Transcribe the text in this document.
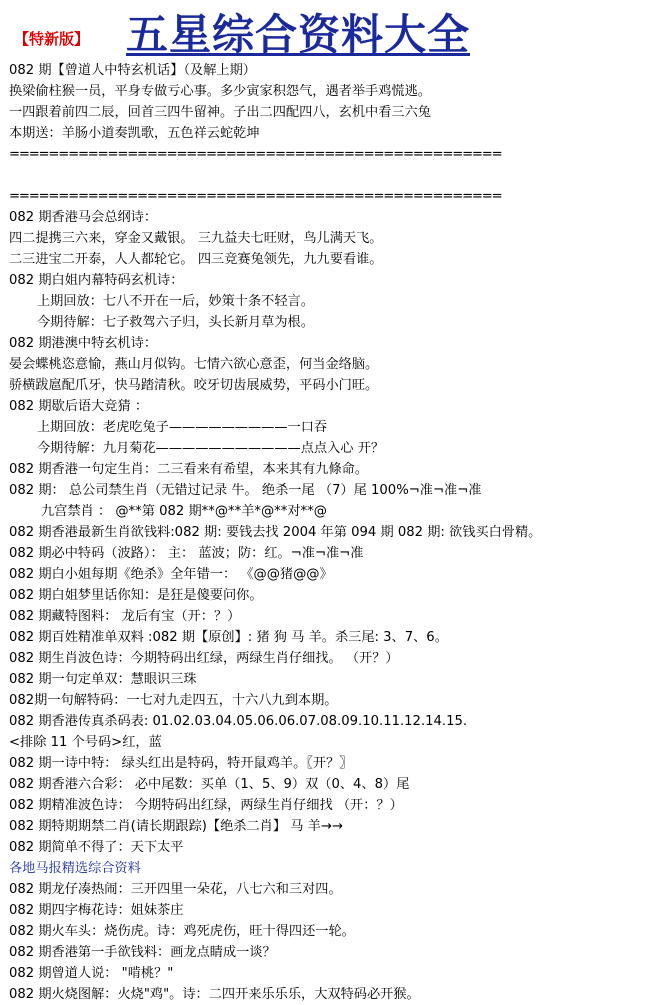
【特新版】 五星综合资料大全
082 期【曾道人中特玄机话】（及解上期）
换梁偷柱猴一员，平身专做亏心事。多少寅家积怨气，遇者举手鸡慌逃。
一四跟着前四二辰，回首三四牛留神。子出二四配四八，玄机中看三六兔
本期送：羊肠小道奏凯歌，五色祥云蛇乾坤
==================================================
==================================================
082 期香港马会总纲诗：
四二提携三六来，穿金又戴银。 三九益夫七旺财，鸟儿满天飞。
二三进宝二开泰，人人都轮它。 四三竞赛兔领先，九九要看谁。
082 期白姐内幕特码玄机诗：
上期回放：七八不开在一后，妙策十条不轻言。
今期待解：七子救驾六子归，头长新月草为根。
082 期港澳中特玄机诗：
晏会蝶桃恣意愉，燕山月似钩。七情六欲心意歪，何当金络脑。
骄横跋扈配爪牙，快马踏清秋。咬牙切齿展威势，平码小门旺。
082 期歇后语大竞猜 ：
上期回放：老虎吃兔子—————————一口吞
今期待解：九月菊花———————————点点入心 开？
082 期香港一句定生肖：二三看来有希望，本来其有九條命。
082 期： 总公司禁生肖（无错过记录 牛。 绝杀一尾 （7）尾 100%¬准¬准¬准
九宫禁肖 ： @**第 082 期**@**羊*@**对**@
082 期香港最新生肖欲钱料:082 期: 要钱去找 2004 年第 094 期 082 期: 欲钱买白骨精。
082 期必中特码（波路）： 主： 蓝波；防：红。¬准¬准¬准
082 期白小姐每期《绝杀》全年错一： 《@@猪@@》
082 期白姐梦里话你知：是狂是傻要问你。
082 期藏特图料： 龙后有宝（开：？）
082 期百姓精准单双料 :082 期【原创】: 猪 狗 马 羊。杀三尾: 3、7、6。
082 期生肖波色诗：今期特码出红绿，两绿生肖仔细找。 （开？）
082 期一句定单双：慧眼识三珠
082期一句解特码：一七对九走四五，十六八九到本期。
082 期香港传真杀码表: 01.02.03.04.05.06.06.07.08.09.10.11.12.14.15.
<排除 11 个号码>红，蓝
082 期一诗中特： 绿头红出是特码，特开鼠鸡羊。〖开？〗
082 期香港六合彩： 必中尾数：买单（1、5、9）双（0、4、8）尾
082 期精准波色诗： 今期特码出红绿，两绿生肖仔细找 （开：？）
082 期特期期禁二肖(请长期跟踪)【绝杀二肖】 马 羊→→
082 期简单不得了：天下太平
各地马报精选综合资料
082 期龙仔凑热闹：三开四里一朵花，八七六和三对四。
082 期四字梅花诗：姐妹茶庄
082 期火车头：烧伤虎。诗：鸡死虎伤，旺十得四还一轮。
082 期香港第一手欲钱料：画龙点睛成一谈？
082 期曾道人说： "啃桃？"
082 期火烧图解：火烧"鸡"。诗：二四开来乐乐乐，大双特码必开猴。
